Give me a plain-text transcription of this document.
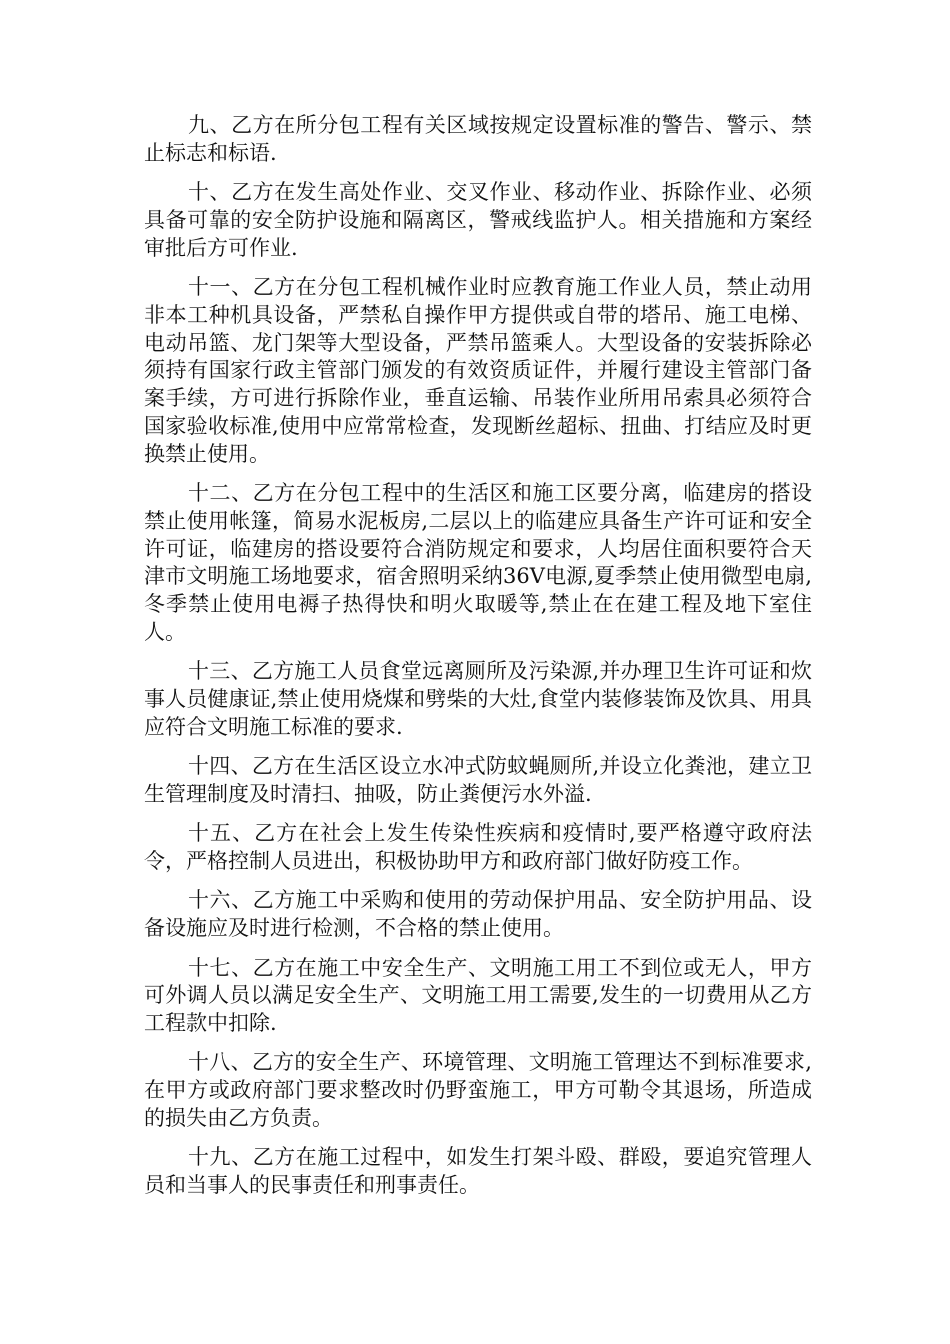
九、乙方在所分包工程有关区域按规定设置标准的警告、警示、禁止标志和标语.

十、乙方在发生高处作业、交叉作业、移动作业、拆除作业、必须具备可靠的安全防护设施和隔离区，警戒线监护人。相关措施和方案经审批后方可作业.

十一、乙方在分包工程机械作业时应教育施工作业人员，禁止动用非本工种机具设备，严禁私自操作甲方提供或自带的塔吊、施工电梯、电动吊篮、龙门架等大型设备，严禁吊篮乘人。大型设备的安装拆除必须持有国家行政主管部门颁发的有效资质证件，并履行建设主管部门备案手续，方可进行拆除作业，垂直运输、吊装作业所用吊索具必须符合国家验收标准,使用中应常常检查，发现断丝超标、扭曲、打结应及时更换禁止使用。

十二、乙方在分包工程中的生活区和施工区要分离，临建房的搭设禁止使用帐篷，简易水泥板房,二层以上的临建应具备生产许可证和安全许可证，临建房的搭设要符合消防规定和要求，人均居住面积要符合天津市文明施工场地要求，宿舍照明采纳36V电源,夏季禁止使用微型电扇,冬季禁止使用电褥子热得快和明火取暖等,禁止在在建工程及地下室住人。

十三、乙方施工人员食堂远离厕所及污染源,并办理卫生许可证和炊事人员健康证,禁止使用烧煤和劈柴的大灶,食堂内装修装饰及饮具、用具应符合文明施工标准的要求.

十四、乙方在生活区设立水冲式防蚊蝇厕所,并设立化粪池，建立卫生管理制度及时清扫、抽吸，防止粪便污水外溢.

十五、乙方在社会上发生传染性疾病和疫情时,要严格遵守政府法令，严格控制人员进出，积极协助甲方和政府部门做好防疫工作。

十六、乙方施工中采购和使用的劳动保护用品、安全防护用品、设备设施应及时进行检测，不合格的禁止使用。

十七、乙方在施工中安全生产、文明施工用工不到位或无人，甲方可外调人员以满足安全生产、文明施工用工需要,发生的一切费用从乙方工程款中扣除.

十八、乙方的安全生产、环境管理、文明施工管理达不到标准要求,在甲方或政府部门要求整改时仍野蛮施工，甲方可勒令其退场，所造成的损失由乙方负责。

十九、乙方在施工过程中，如发生打架斗殴、群殴，要追究管理人员和当事人的民事责任和刑事责任。
